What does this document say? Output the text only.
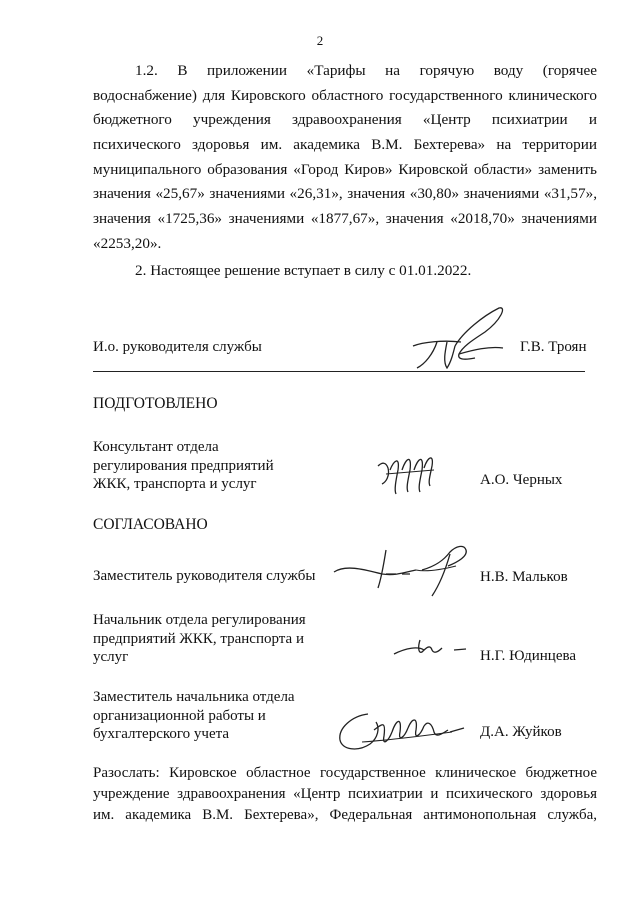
2
1.2. В приложении «Тарифы на горячую воду (горячее
водоснабжение) для Кировского областного государственного клинического
бюджетного учреждения здравоохранения «Центр психиатрии и
психического здоровья им. академика В.М. Бехтерева» на территории
муниципального образования «Город Киров» Кировской области» заменить
значения «25,67» значениями «26,31», значения «30,80» значениями «31,57»,
значения «1725,36» значениями «1877,67», значения «2018,70» значениями
«2253,20».
2. Настоящее решение вступает в силу с 01.01.2022.
И.о. руководителя службы	Г.В. Троян
ПОДГОТОВЛЕНО
Консультант отдела
регулирования предприятий
ЖКК, транспорта и услуг	А.О. Черных
СОГЛАСОВАНО
Заместитель руководителя службы	Н.В. Мальков
Начальник отдела регулирования
предприятий ЖКК, транспорта и
услуг	Н.Г. Юдинцева
Заместитель начальника отдела
организационной работы и
бухгалтерского учета	Д.А. Жуйков
Разослать: Кировское областное государственное клиническое бюджетное
учреждение здравоохранения «Центр психиатрии и психического здоровья
им. академика В.М. Бехтерева», Федеральная антимонопольная служба,
